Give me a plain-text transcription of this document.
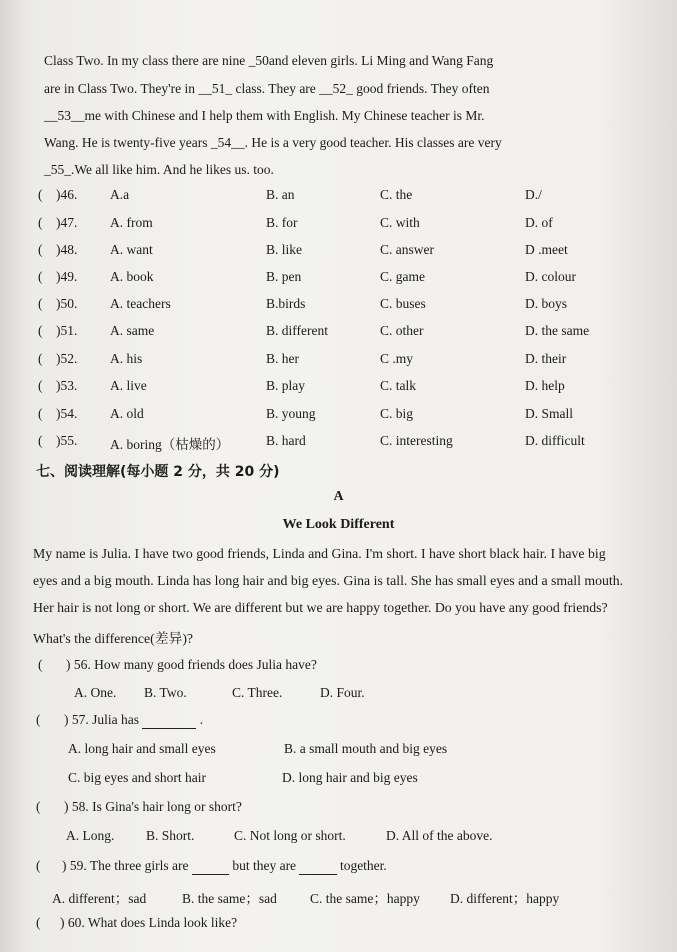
Class Two. In my class there are nine _50and eleven girls. Li Ming and Wang Fang
are in Class Two. They're in __51_ class. They are __52_ good friends. They often
__53__me with Chinese and I help them with English. My Chinese teacher is Mr.
Wang. He is twenty-five years _54__. He is a very good teacher. His classes are very
_55_.We all like him. And he likes us. too.
( )46. A.a	B. an	C. the	D./
( )47. A. from	B. for	C. with	D. of
( )48. A. want	B. like	C. answer	D .meet
( )49. A. book	B. pen	C. game	D. colour
( )50. A. teachers	B.birds	C. buses	D. boys
( )51. A. same	B. different	C. other	D. the same
( )52. A. his	B. her	C .my	D. their
( )53. A. live	B. play	C. talk	D. help
( )54. A. old	B. young	C. big	D. Small
( )55. A. boring（枯燥的）	B. hard	C. interesting	D. difficult
七、阅读理解(每小题 2 分，共 20 分)
A
We Look Different
My name is Julia. I have two good friends, Linda and Gina. I'm short. I have short black hair. I have big
eyes and a big mouth. Linda has long hair and big eyes. Gina is tall. She has small eyes and a small mouth.
Her hair is not long or short. We are different but we are happy together. Do you have any good friends?
What's the difference(差异)?
( ) 56. How many good friends does Julia have?
A. One. B. Two.	C. Three.	D. Four.
( ) 57. Julia has	.
A. long hair and small eyes	B. a small mouth and big eyes
C. big eyes and short hair	D. long hair and big eyes
( ) 58. Is Gina's hair long or short?
A. Long. B. Short.	C. Not long or short.	D. All of the above.
( ) 59. The three girls are	but they are	together.
A. different；sad	B. the same；sad C. the same；happy D. different；happy
( ) 60. What does Linda look like?
